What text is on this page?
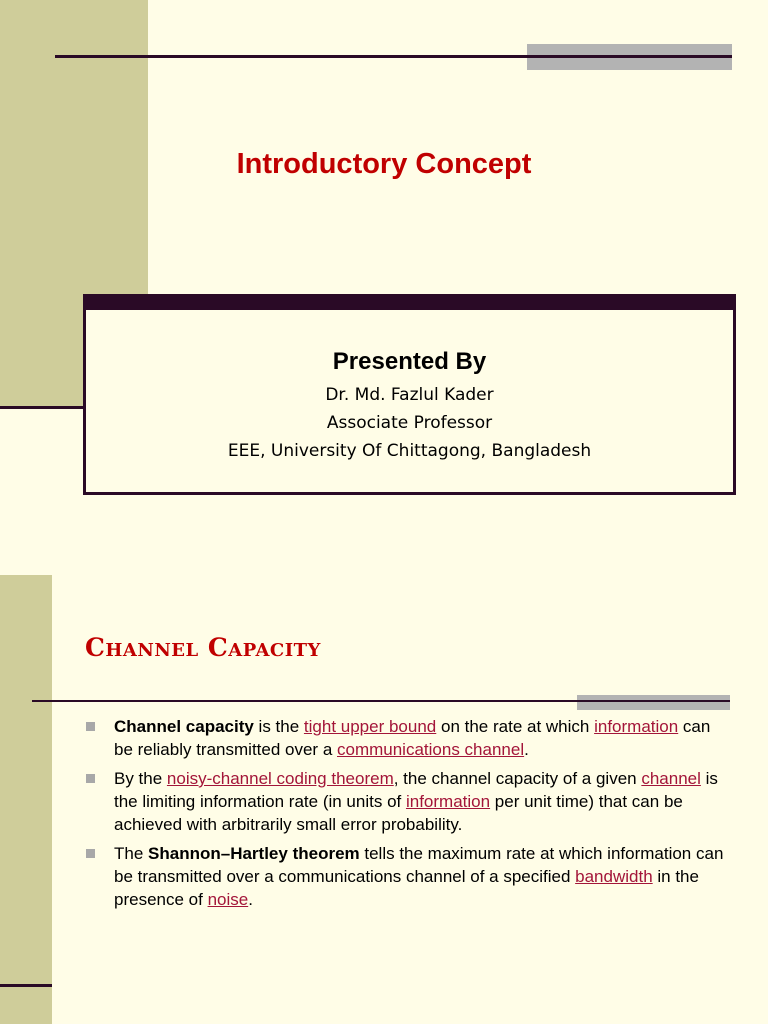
Introductory Concept
Presented By
Dr. Md. Fazlul Kader
Associate Professor
EEE, University Of Chittagong, Bangladesh
Channel Capacity
Channel capacity is the tight upper bound on the rate at which information can be reliably transmitted over a communications channel.
By the noisy-channel coding theorem, the channel capacity of a given channel is the limiting information rate (in units of information per unit time) that can be achieved with arbitrarily small error probability.
The Shannon–Hartley theorem tells the maximum rate at which information can be transmitted over a communications channel of a specified bandwidth in the presence of noise.
